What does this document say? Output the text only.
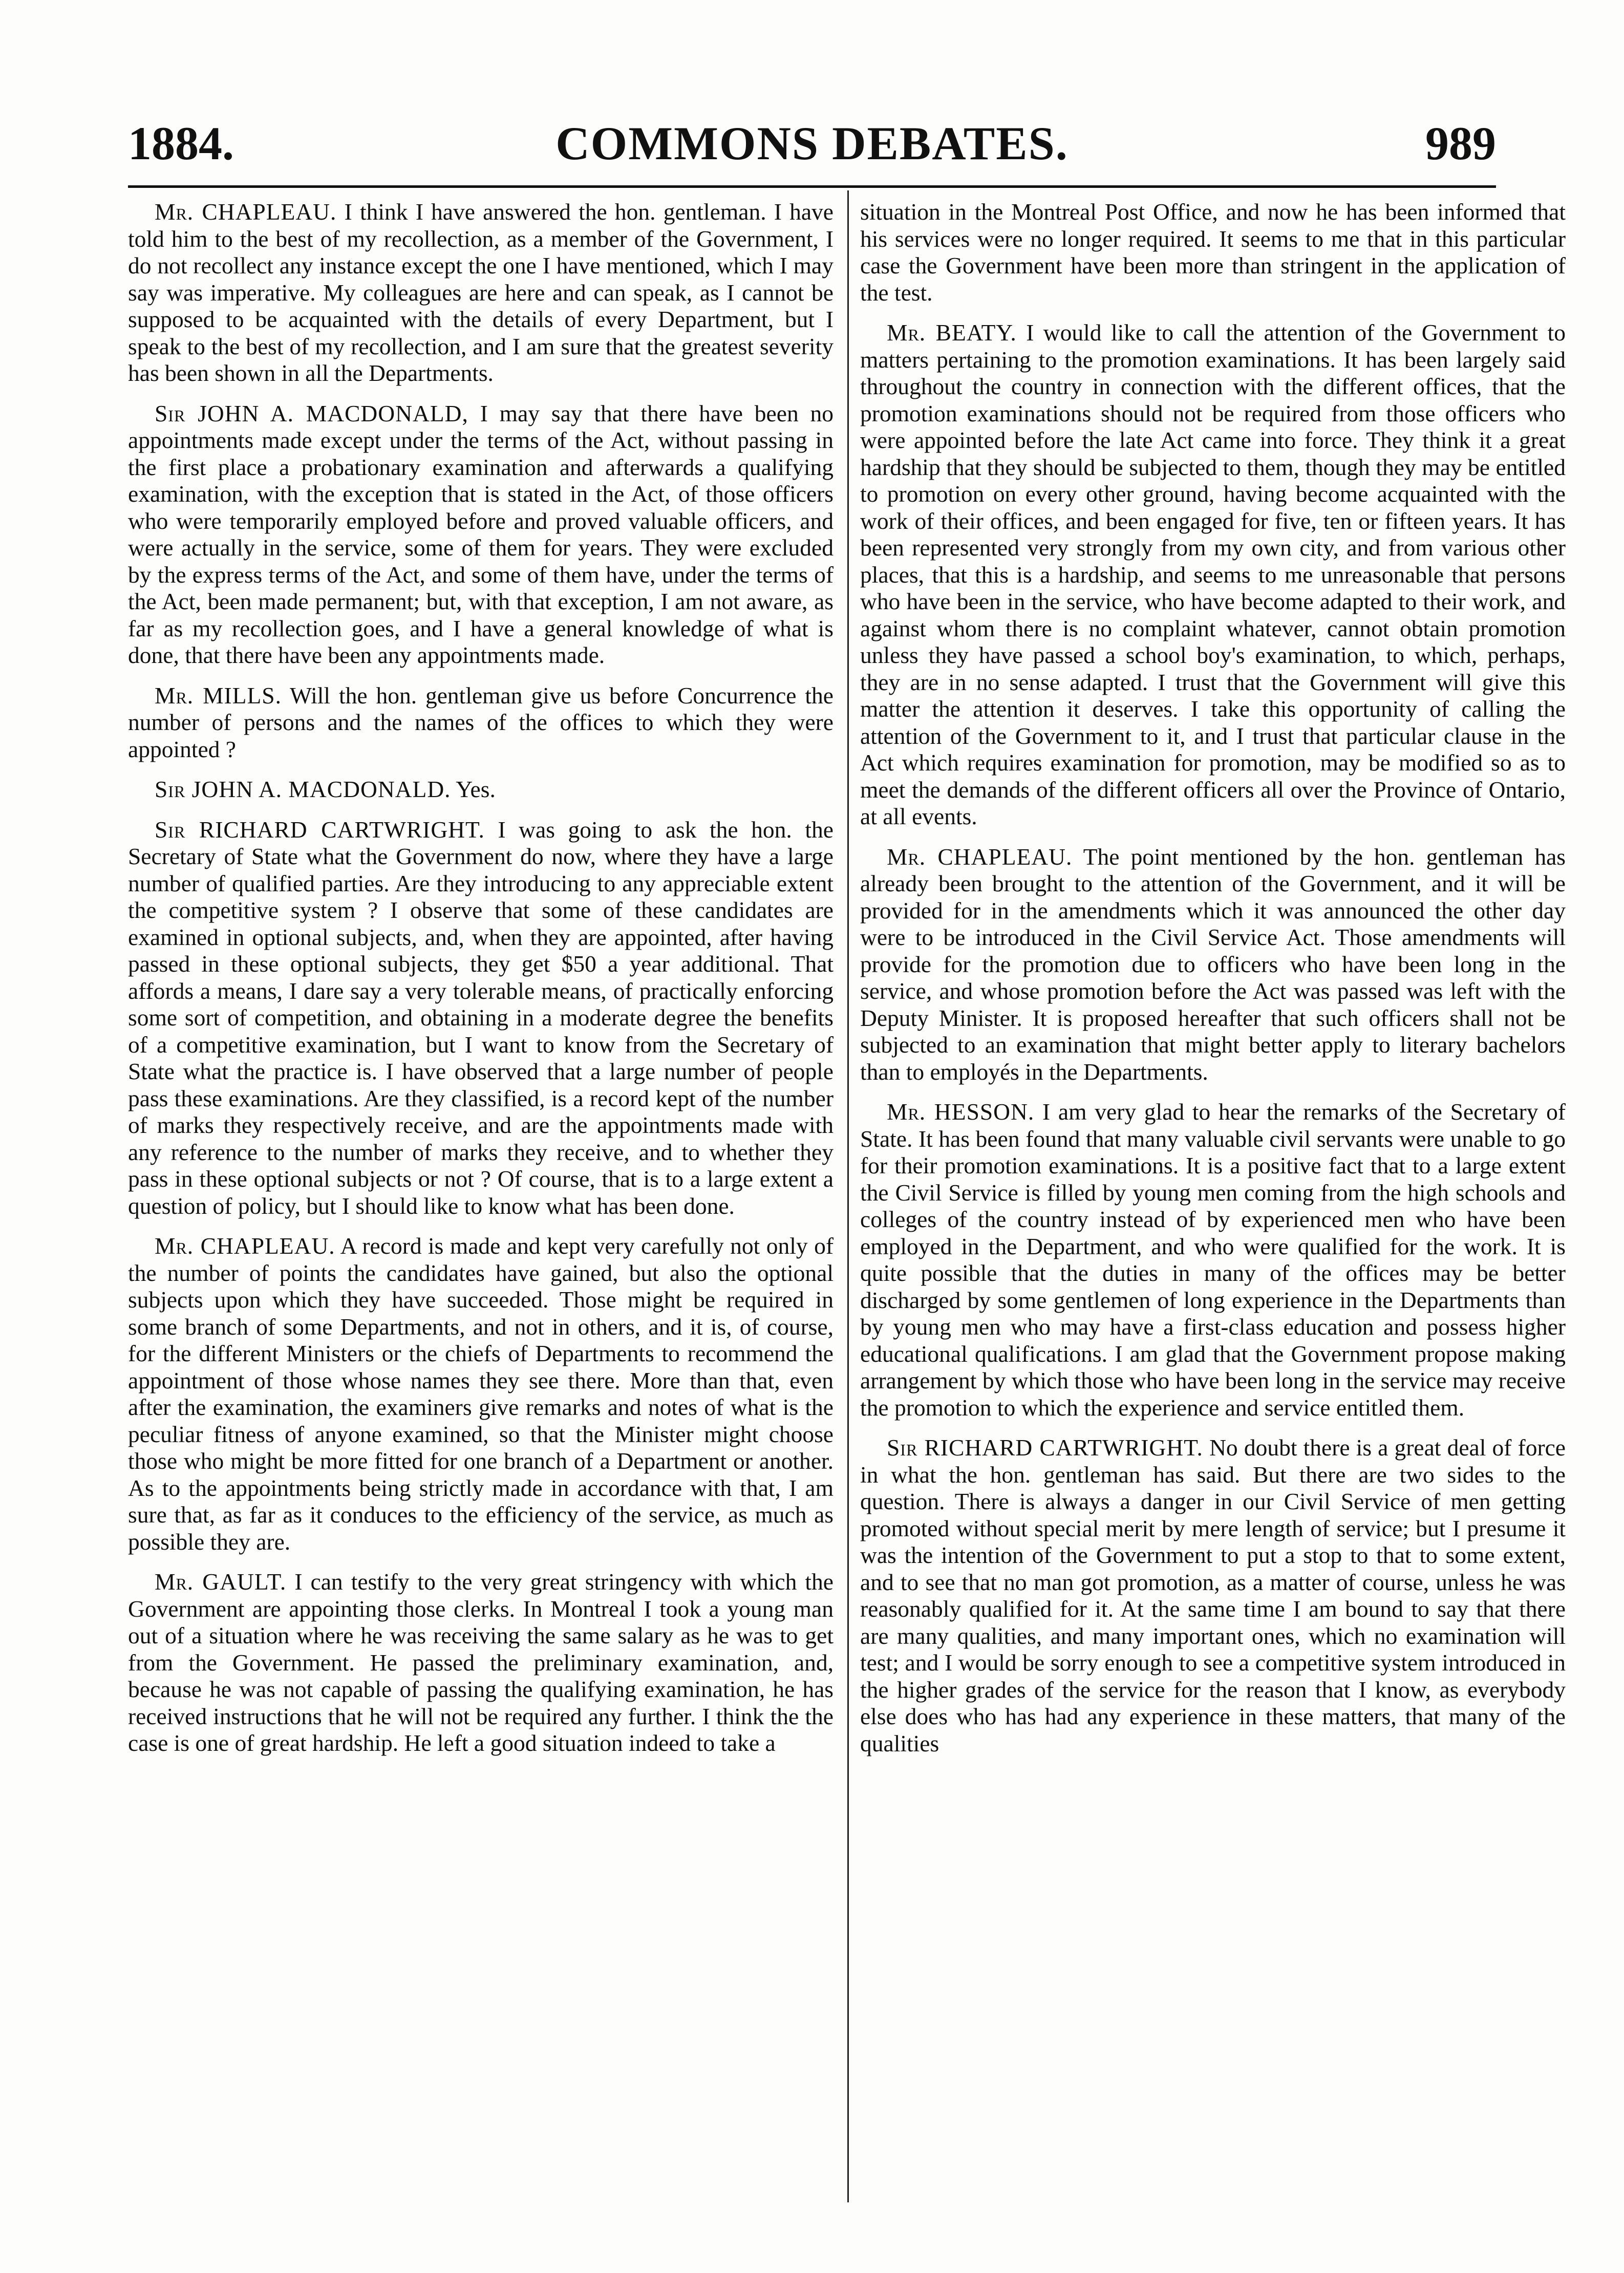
1884.	COMMONS DEBATES.	989

Mr. CHAPLEAU. I think I have answered the hon. gentleman. I have told him to the best of my recollection, as a member of the Government, I do not recollect any instance except the one I have mentioned, which I may say was imperative. My colleagues are here and can speak, as I cannot be supposed to be acquainted with the details of every Department, but I speak to the best of my recollection, and I am sure that the greatest severity has been shown in all the Departments.

Sir JOHN A. MACDONALD, I may say that there have been no appointments made except under the terms of the Act, without passing in the first place a probationary examination and afterwards a qualifying examination, with the exception that is stated in the Act, of those officers who were temporarily employed before and proved valuable officers, and were actually in the service, some of them for years. They were excluded by the express terms of the Act, and some of them have, under the terms of the Act, been made permanent; but, with that exception, I am not aware, as far as my recollection goes, and I have a general knowledge of what is done, that there have been any appointments made.

Mr. MILLS. Will the hon. gentleman give us before Concurrence the number of persons and the names of the offices to which they were appointed ?

Sir JOHN A. MACDONALD. Yes.

Sir RICHARD CARTWRIGHT. I was going to ask the hon. the Secretary of State what the Government do now, where they have a large number of qualified parties. Are they introducing to any appreciable extent the competitive system ? I observe that some of these candidates are examined in optional subjects, and, when they are appointed, after having passed in these optional subjects, they get $50 a year additional. That affords a means, I dare say a very tolerable means, of practically enforcing some sort of competition, and obtaining in a moderate degree the benefits of a competitive examination, but I want to know from the Secretary of State what the practice is. I have observed that a large number of people pass these examinations. Are they classified, is a record kept of the number of marks they respectively receive, and are the appointments made with any reference to the number of marks they receive, and to whether they pass in these optional subjects or not ? Of course, that is to a large extent a question of policy, but I should like to know what has been done.

Mr. CHAPLEAU. A record is made and kept very carefully not only of the number of points the candidates have gained, but also the optional subjects upon which they have succeeded. Those might be required in some branch of some Departments, and not in others, and it is, of course, for the different Ministers or the chiefs of Departments to recommend the appointment of those whose names they see there. More than that, even after the examination, the examiners give remarks and notes of what is the peculiar fitness of anyone examined, so that the Minister might choose those who might be more fitted for one branch of a Department or another. As to the appointments being strictly made in accordance with that, I am sure that, as far as it conduces to the efficiency of the service, as much as possible they are.

Mr. GAULT. I can testify to the very great stringency with which the Government are appointing those clerks. In Montreal I took a young man out of a situation where he was receiving the same salary as he was to get from the Government. He passed the preliminary examination, and, because he was not capable of passing the qualifying examination, he has received instructions that he will not be required any further. I think the the case is one of great hardship. He left a good situation indeed to take a

situation in the Montreal Post Office, and now he has been informed that his services were no longer required. It seems to me that in this particular case the Government have been more than stringent in the application of the test.

Mr. BEATY. I would like to call the attention of the Government to matters pertaining to the promotion examinations. It has been largely said throughout the country in connection with the different offices, that the promotion examinations should not be required from those officers who were appointed before the late Act came into force. They think it a great hardship that they should be subjected to them, though they may be entitled to promotion on every other ground, having become acquainted with the work of their offices, and been engaged for five, ten or fifteen years. It has been represented very strongly from my own city, and from various other places, that this is a hardship, and seems to me unreasonable that persons who have been in the service, who have become adapted to their work, and against whom there is no complaint whatever, cannot obtain promotion unless they have passed a school boy's examination, to which, perhaps, they are in no sense adapted. I trust that the Government will give this matter the attention it deserves. I take this opportunity of calling the attention of the Government to it, and I trust that particular clause in the Act which requires examination for promotion, may be modified so as to meet the demands of the different officers all over the Province of Ontario, at all events.

Mr. CHAPLEAU. The point mentioned by the hon. gentleman has already been brought to the attention of the Government, and it will be provided for in the amendments which it was announced the other day were to be introduced in the Civil Service Act. Those amendments will provide for the promotion due to officers who have been long in the service, and whose promotion before the Act was passed was left with the Deputy Minister. It is proposed hereafter that such officers shall not be subjected to an examination that might better apply to literary bachelors than to employés in the Departments.

Mr. HESSON. I am very glad to hear the remarks of the Secretary of State. It has been found that many valuable civil servants were unable to go for their promotion examinations. It is a positive fact that to a large extent the Civil Service is filled by young men coming from the high schools and colleges of the country instead of by experienced men who have been employed in the Department, and who were qualified for the work. It is quite possible that the duties in many of the offices may be better discharged by some gentlemen of long experience in the Departments than by young men who may have a first-class education and possess higher educational qualifications. I am glad that the Government propose making arrangement by which those who have been long in the service may receive the promotion to which the experience and service entitled them.

Sir RICHARD CARTWRIGHT. No doubt there is a great deal of force in what the hon. gentleman has said. But there are two sides to the question. There is always a danger in our Civil Service of men getting promoted without special merit by mere length of service; but I presume it was the intention of the Government to put a stop to that to some extent, and to see that no man got promotion, as a matter of course, unless he was reasonably qualified for it. At the same time I am bound to say that there are many qualities, and many important ones, which no examination will test; and I would be sorry enough to see a competitive system introduced in the higher grades of the service for the reason that I know, as everybody else does who has had any experience in these matters, that many of the qualities
